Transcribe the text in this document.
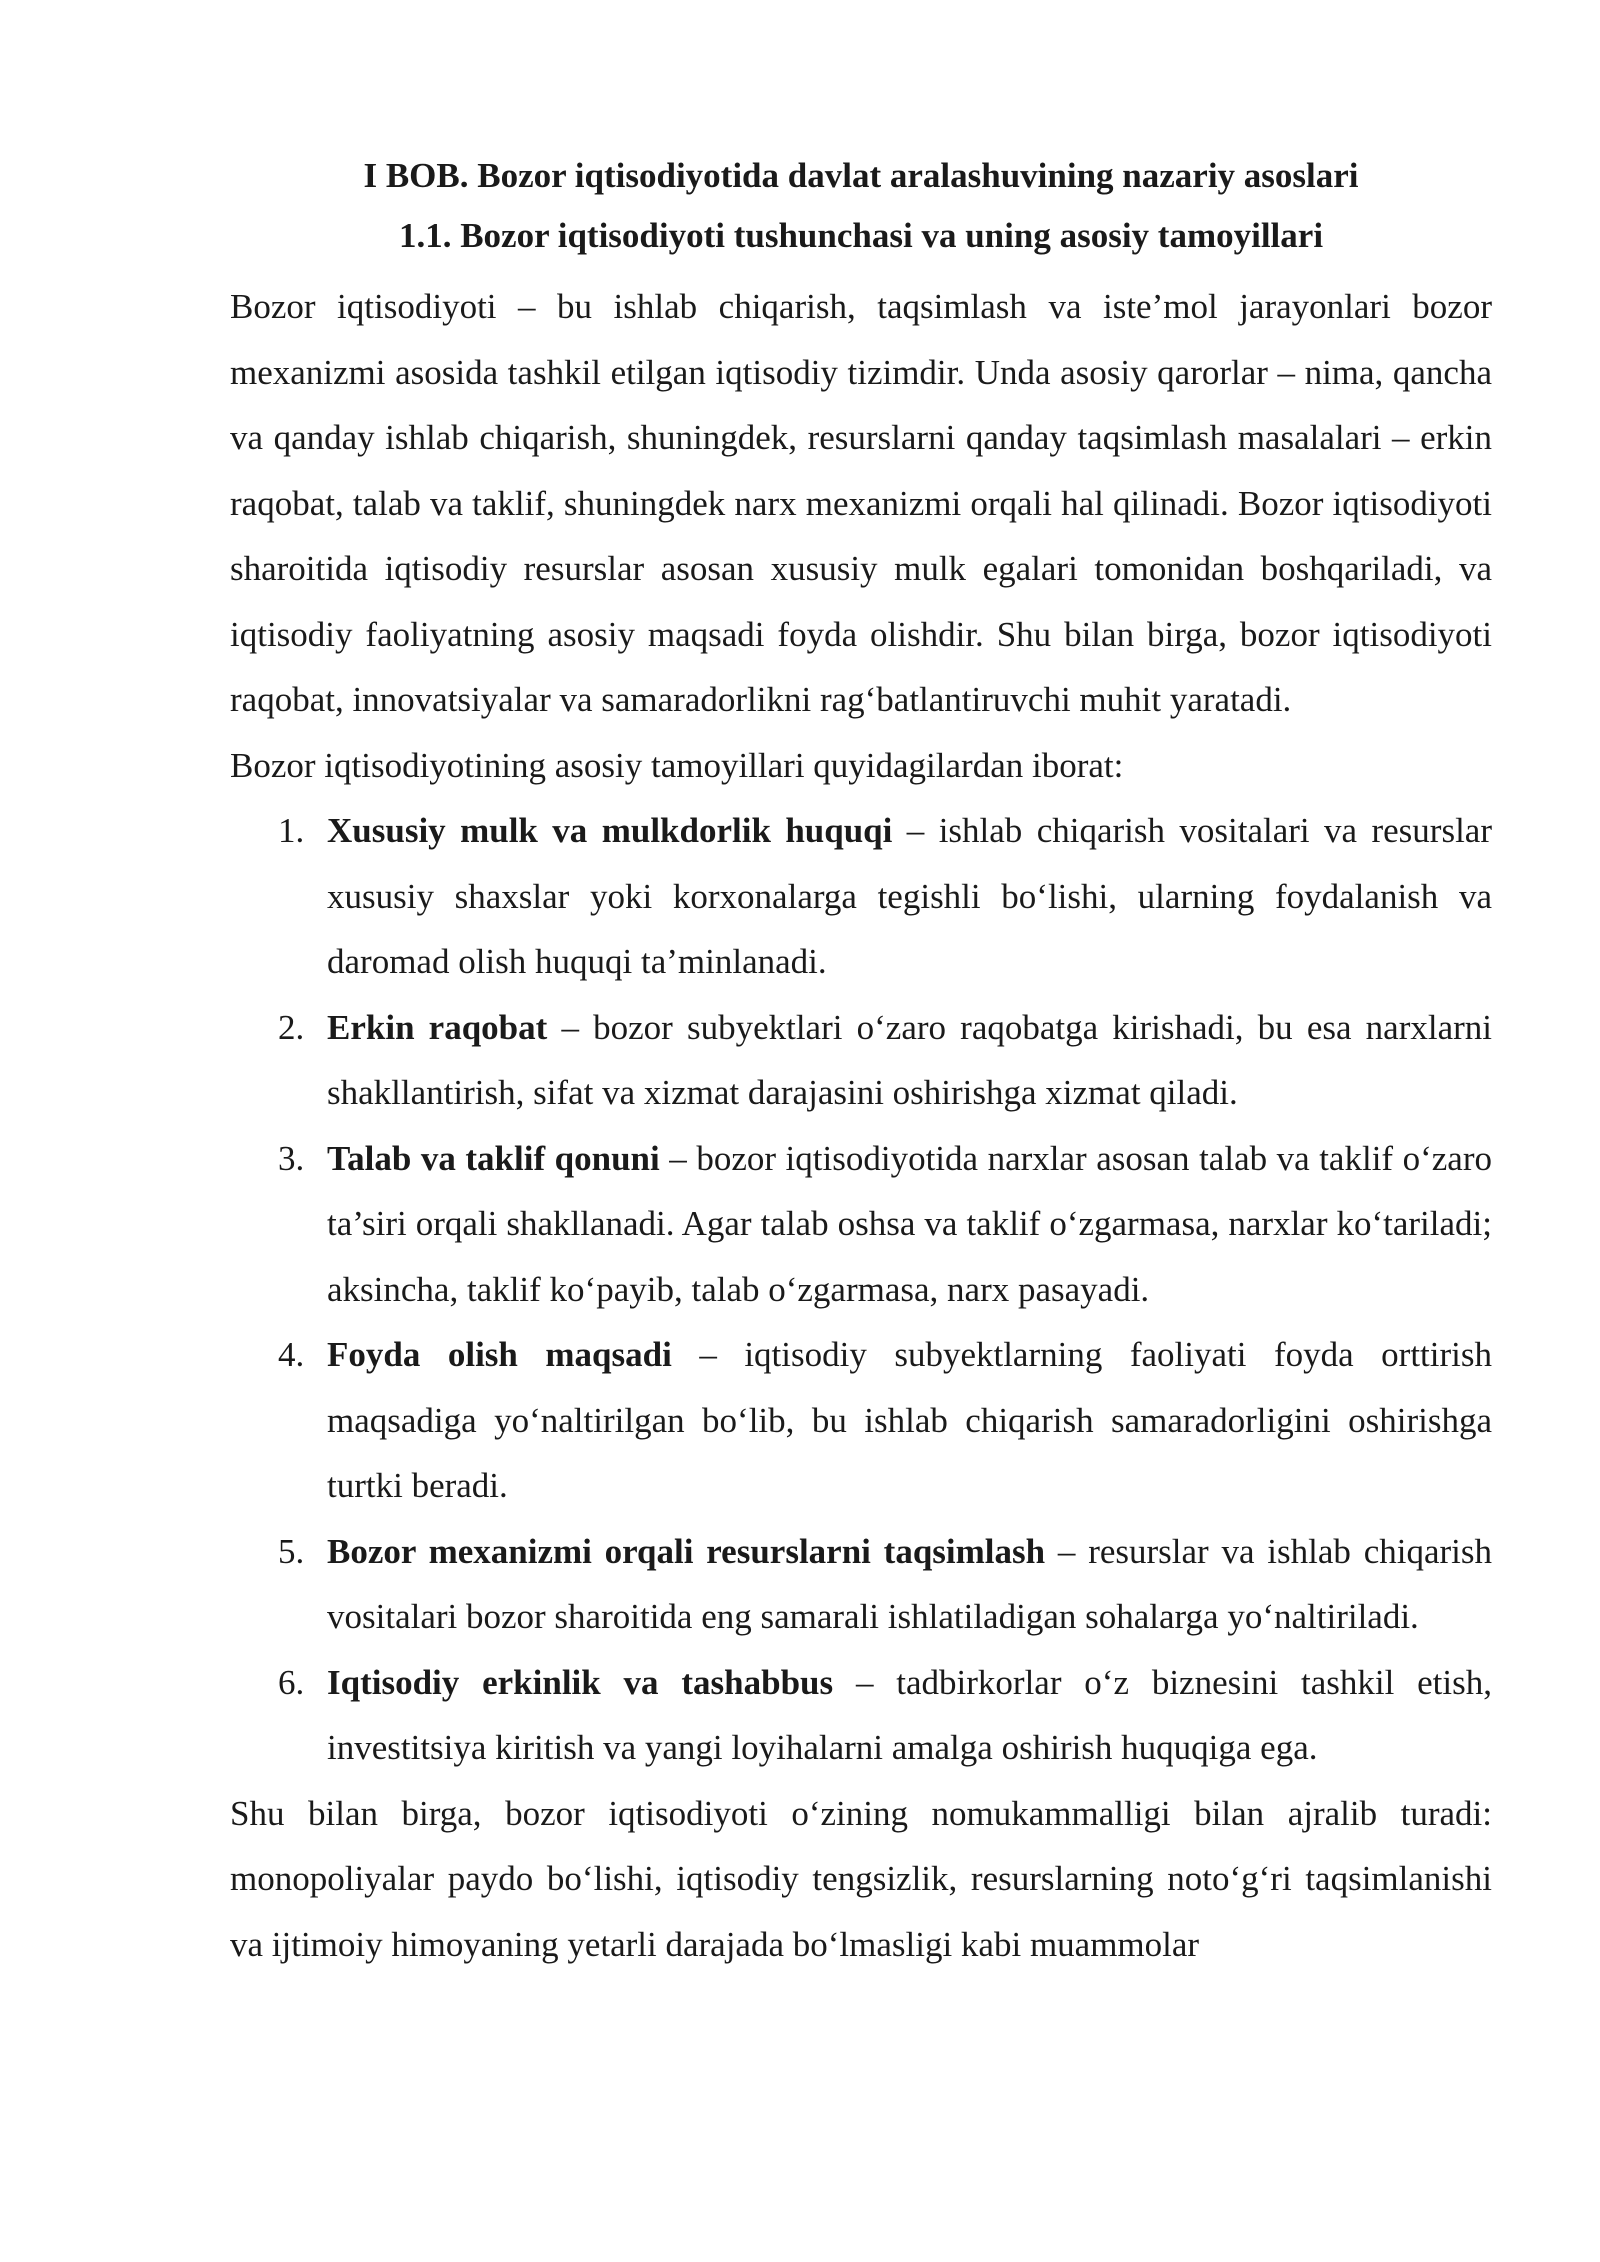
I BOB. Bozor iqtisodiyotida davlat aralashuvining nazariy asoslari
1.1. Bozor iqtisodiyoti tushunchasi va uning asosiy tamoyillari

Bozor iqtisodiyoti – bu ishlab chiqarish, taqsimlash va iste’mol jarayonlari bozor mexanizmi asosida tashkil etilgan iqtisodiy tizimdir. Unda asosiy qarorlar – nima, qancha va qanday ishlab chiqarish, shuningdek, resurslarni qanday taqsimlash masalalari – erkin raqobat, talab va taklif, shuningdek narx mexanizmi orqali hal qilinadi. Bozor iqtisodiyoti sharoitida iqtisodiy resurslar asosan xususiy mulk egalari tomonidan boshqariladi, va iqtisodiy faoliyatning asosiy maqsadi foyda olishdir. Shu bilan birga, bozor iqtisodiyoti raqobat, innovatsiyalar va samaradorlikni rag‘batlantiruvchi muhit yaratadi.

Bozor iqtisodiyotining asosiy tamoyillari quyidagilardan iborat:

1. Xususiy mulk va mulkdorlik huquqi – ishlab chiqarish vositalari va resurslar xususiy shaxslar yoki korxonalarga tegishli bo‘lishi, ularning foydalanish va daromad olish huquqi ta’minlanadi.
2. Erkin raqobat – bozor subyektlari o‘zaro raqobatga kirishadi, bu esa narxlarni shakllantirish, sifat va xizmat darajasini oshirishga xizmat qiladi.
3. Talab va taklif qonuni – bozor iqtisodiyotida narxlar asosan talab va taklif o‘zaro ta’siri orqali shakllanadi. Agar talab oshsa va taklif o‘zgarmasa, narxlar ko‘tariladi; aksincha, taklif ko‘payib, talab o‘zgarmasa, narx pasayadi.
4. Foyda olish maqsadi – iqtisodiy subyektlarning faoliyati foyda orttirish maqsadiga yo‘naltirilgan bo‘lib, bu ishlab chiqarish samaradorligini oshirishga turtki beradi.
5. Bozor mexanizmi orqali resurslarni taqsimlash – resurslar va ishlab chiqarish vositalari bozor sharoitida eng samarali ishlatiladigan sohalarga yo‘naltiriladi.
6. Iqtisodiy erkinlik va tashabbus – tadbirkorlar o‘z biznesini tashkil etish, investitsiya kiritish va yangi loyihalarni amalga oshirish huquqiga ega.

Shu bilan birga, bozor iqtisodiyoti o‘zining nomukammalligi bilan ajralib turadi: monopoliyalar paydo bo‘lishi, iqtisodiy tengsizlik, resurslarning noto‘g‘ri taqsimlanishi va ijtimoiy himoyaning yetarli darajada bo‘lmasligi kabi muammolar
